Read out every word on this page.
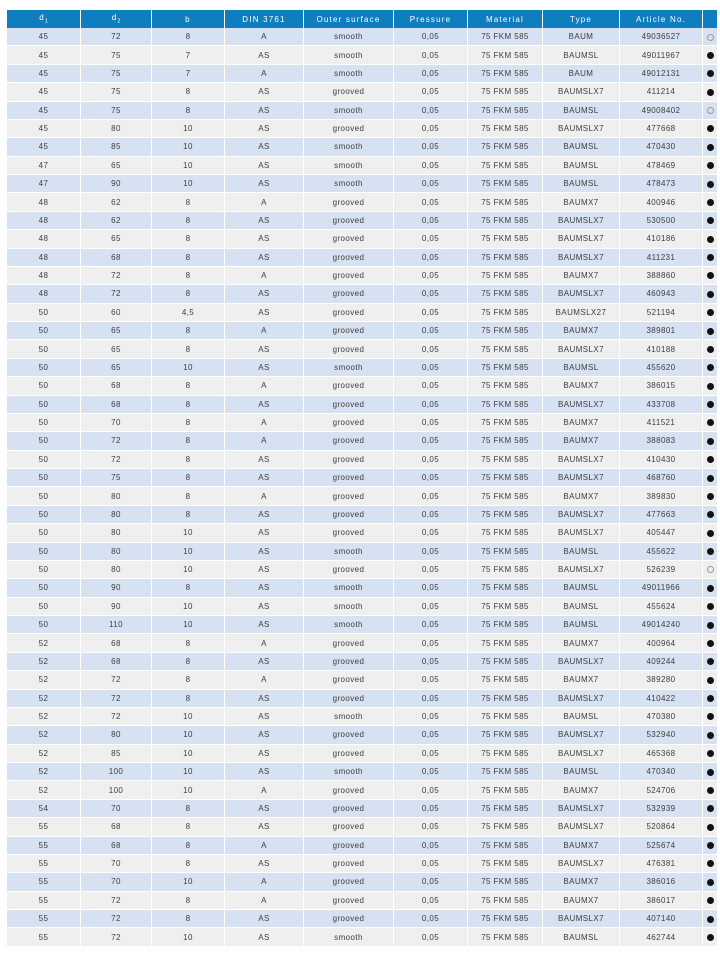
$d_1$	$d_2$	b	DIN 3761	Outer surface	Pressure	Material	Type	Article No.	
45	72	8	A	smooth	0,05	75 FKM 585	BAUM	49036527	
45	75	7	AS	smooth	0,05	75 FKM 585	BAUMSL	49011967	
45	75	7	A	smooth	0,05	75 FKM 585	BAUM	49012131	
45	75	8	AS	grooved	0,05	75 FKM 585	BAUMSLX7	411214	
45	75	8	AS	smooth	0,05	75 FKM 585	BAUMSL	49008402	
45	80	10	AS	grooved	0,05	75 FKM 585	BAUMSLX7	477668	
45	85	10	AS	smooth	0,05	75 FKM 585	BAUMSL	470430	
47	65	10	AS	smooth	0,05	75 FKM 585	BAUMSL	478469	
47	90	10	AS	smooth	0,05	75 FKM 585	BAUMSL	478473	
48	62	8	A	grooved	0,05	75 FKM 585	BAUMX7	400946	
48	62	8	AS	grooved	0,05	75 FKM 585	BAUMSLX7	530500	
48	65	8	AS	grooved	0,05	75 FKM 585	BAUMSLX7	410186	
48	68	8	AS	grooved	0,05	75 FKM 585	BAUMSLX7	411231	
48	72	8	A	grooved	0,05	75 FKM 585	BAUMX7	388860	
48	72	8	AS	grooved	0,05	75 FKM 585	BAUMSLX7	460943	
50	60	4,5	AS	grooved	0,05	75 FKM 585	BAUMSLX27	521194	
50	65	8	A	grooved	0,05	75 FKM 585	BAUMX7	389801	
50	65	8	AS	grooved	0,05	75 FKM 585	BAUMSLX7	410188	
50	65	10	AS	smooth	0,05	75 FKM 585	BAUMSL	455620	
50	68	8	A	grooved	0,05	75 FKM 585	BAUMX7	386015	
50	68	8	AS	grooved	0,05	75 FKM 585	BAUMSLX7	433708	
50	70	8	A	grooved	0,05	75 FKM 585	BAUMX7	411521	
50	72	8	A	grooved	0,05	75 FKM 585	BAUMX7	388083	
50	72	8	AS	grooved	0,05	75 FKM 585	BAUMSLX7	410430	
50	75	8	AS	grooved	0,05	75 FKM 585	BAUMSLX7	468760	
50	80	8	A	grooved	0,05	75 FKM 585	BAUMX7	389830	
50	80	8	AS	grooved	0,05	75 FKM 585	BAUMSLX7	477663	
50	80	10	AS	grooved	0,05	75 FKM 585	BAUMSLX7	405447	
50	80	10	AS	smooth	0,05	75 FKM 585	BAUMSL	455622	
50	80	10	AS	grooved	0,05	75 FKM 585	BAUMSLX7	526239	
50	90	8	AS	smooth	0,05	75 FKM 585	BAUMSL	49011966	
50	90	10	AS	smooth	0,05	75 FKM 585	BAUMSL	455624	
50	110	10	AS	smooth	0,05	75 FKM 585	BAUMSL	49014240	
52	68	8	A	grooved	0,05	75 FKM 585	BAUMX7	400964	
52	68	8	AS	grooved	0,05	75 FKM 585	BAUMSLX7	409244	
52	72	8	A	grooved	0,05	75 FKM 585	BAUMX7	389280	
52	72	8	AS	grooved	0,05	75 FKM 585	BAUMSLX7	410422	
52	72	10	AS	smooth	0,05	75 FKM 585	BAUMSL	470380	
52	80	10	AS	grooved	0,05	75 FKM 585	BAUMSLX7	532940	
52	85	10	AS	grooved	0,05	75 FKM 585	BAUMSLX7	465368	
52	100	10	AS	smooth	0,05	75 FKM 585	BAUMSL	470340	
52	100	10	A	grooved	0,05	75 FKM 585	BAUMX7	524706	
54	70	8	AS	grooved	0,05	75 FKM 585	BAUMSLX7	532939	
55	68	8	AS	grooved	0,05	75 FKM 585	BAUMSLX7	520864	
55	68	8	A	grooved	0,05	75 FKM 585	BAUMX7	525674	
55	70	8	AS	grooved	0,05	75 FKM 585	BAUMSLX7	476381	
55	70	10	A	grooved	0,05	75 FKM 585	BAUMX7	386016	
55	72	8	A	grooved	0,05	75 FKM 585	BAUMX7	386017	
55	72	8	AS	grooved	0,05	75 FKM 585	BAUMSLX7	407140	
55	72	10	AS	smooth	0,05	75 FKM 585	BAUMSL	462744	
